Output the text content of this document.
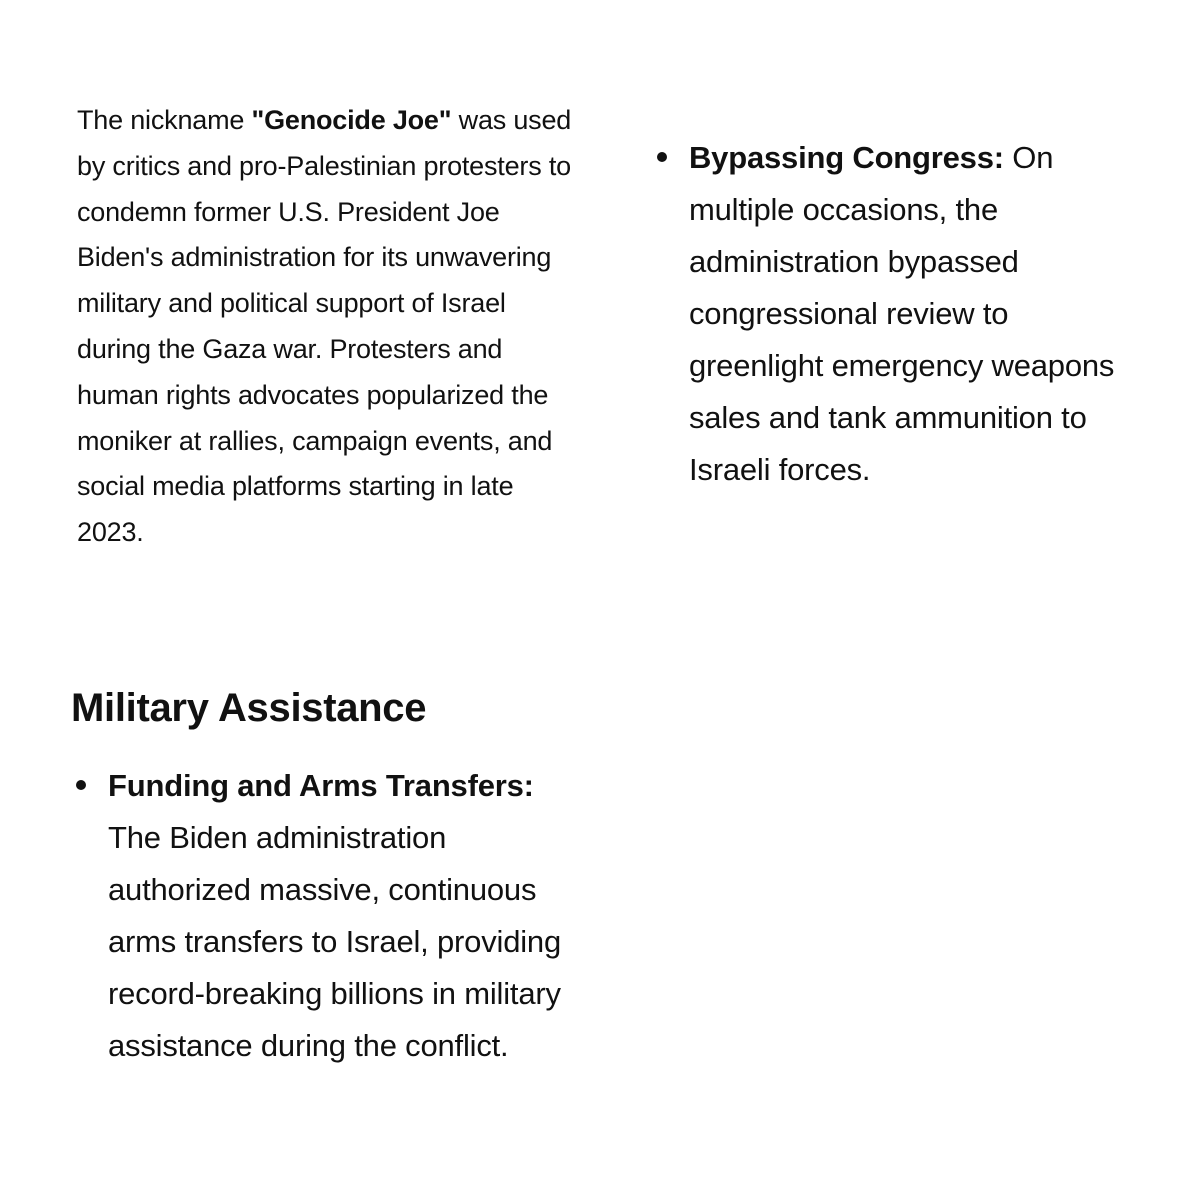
The nickname "Genocide Joe" was used by critics and pro-Palestinian protesters to condemn former U.S. President Joe Biden's administration for its unwavering military and political support of Israel during the Gaza war. Protesters and human rights advocates popularized the moniker at rallies, campaign events, and social media platforms starting in late 2023.

Military Assistance
Funding and Arms Transfers: The Biden administration authorized massive, continuous arms transfers to Israel, providing record-breaking billions in military assistance during the conflict.
Bypassing Congress: On multiple occasions, the administration bypassed congressional review to greenlight emergency weapons sales and tank ammunition to Israeli forces.
